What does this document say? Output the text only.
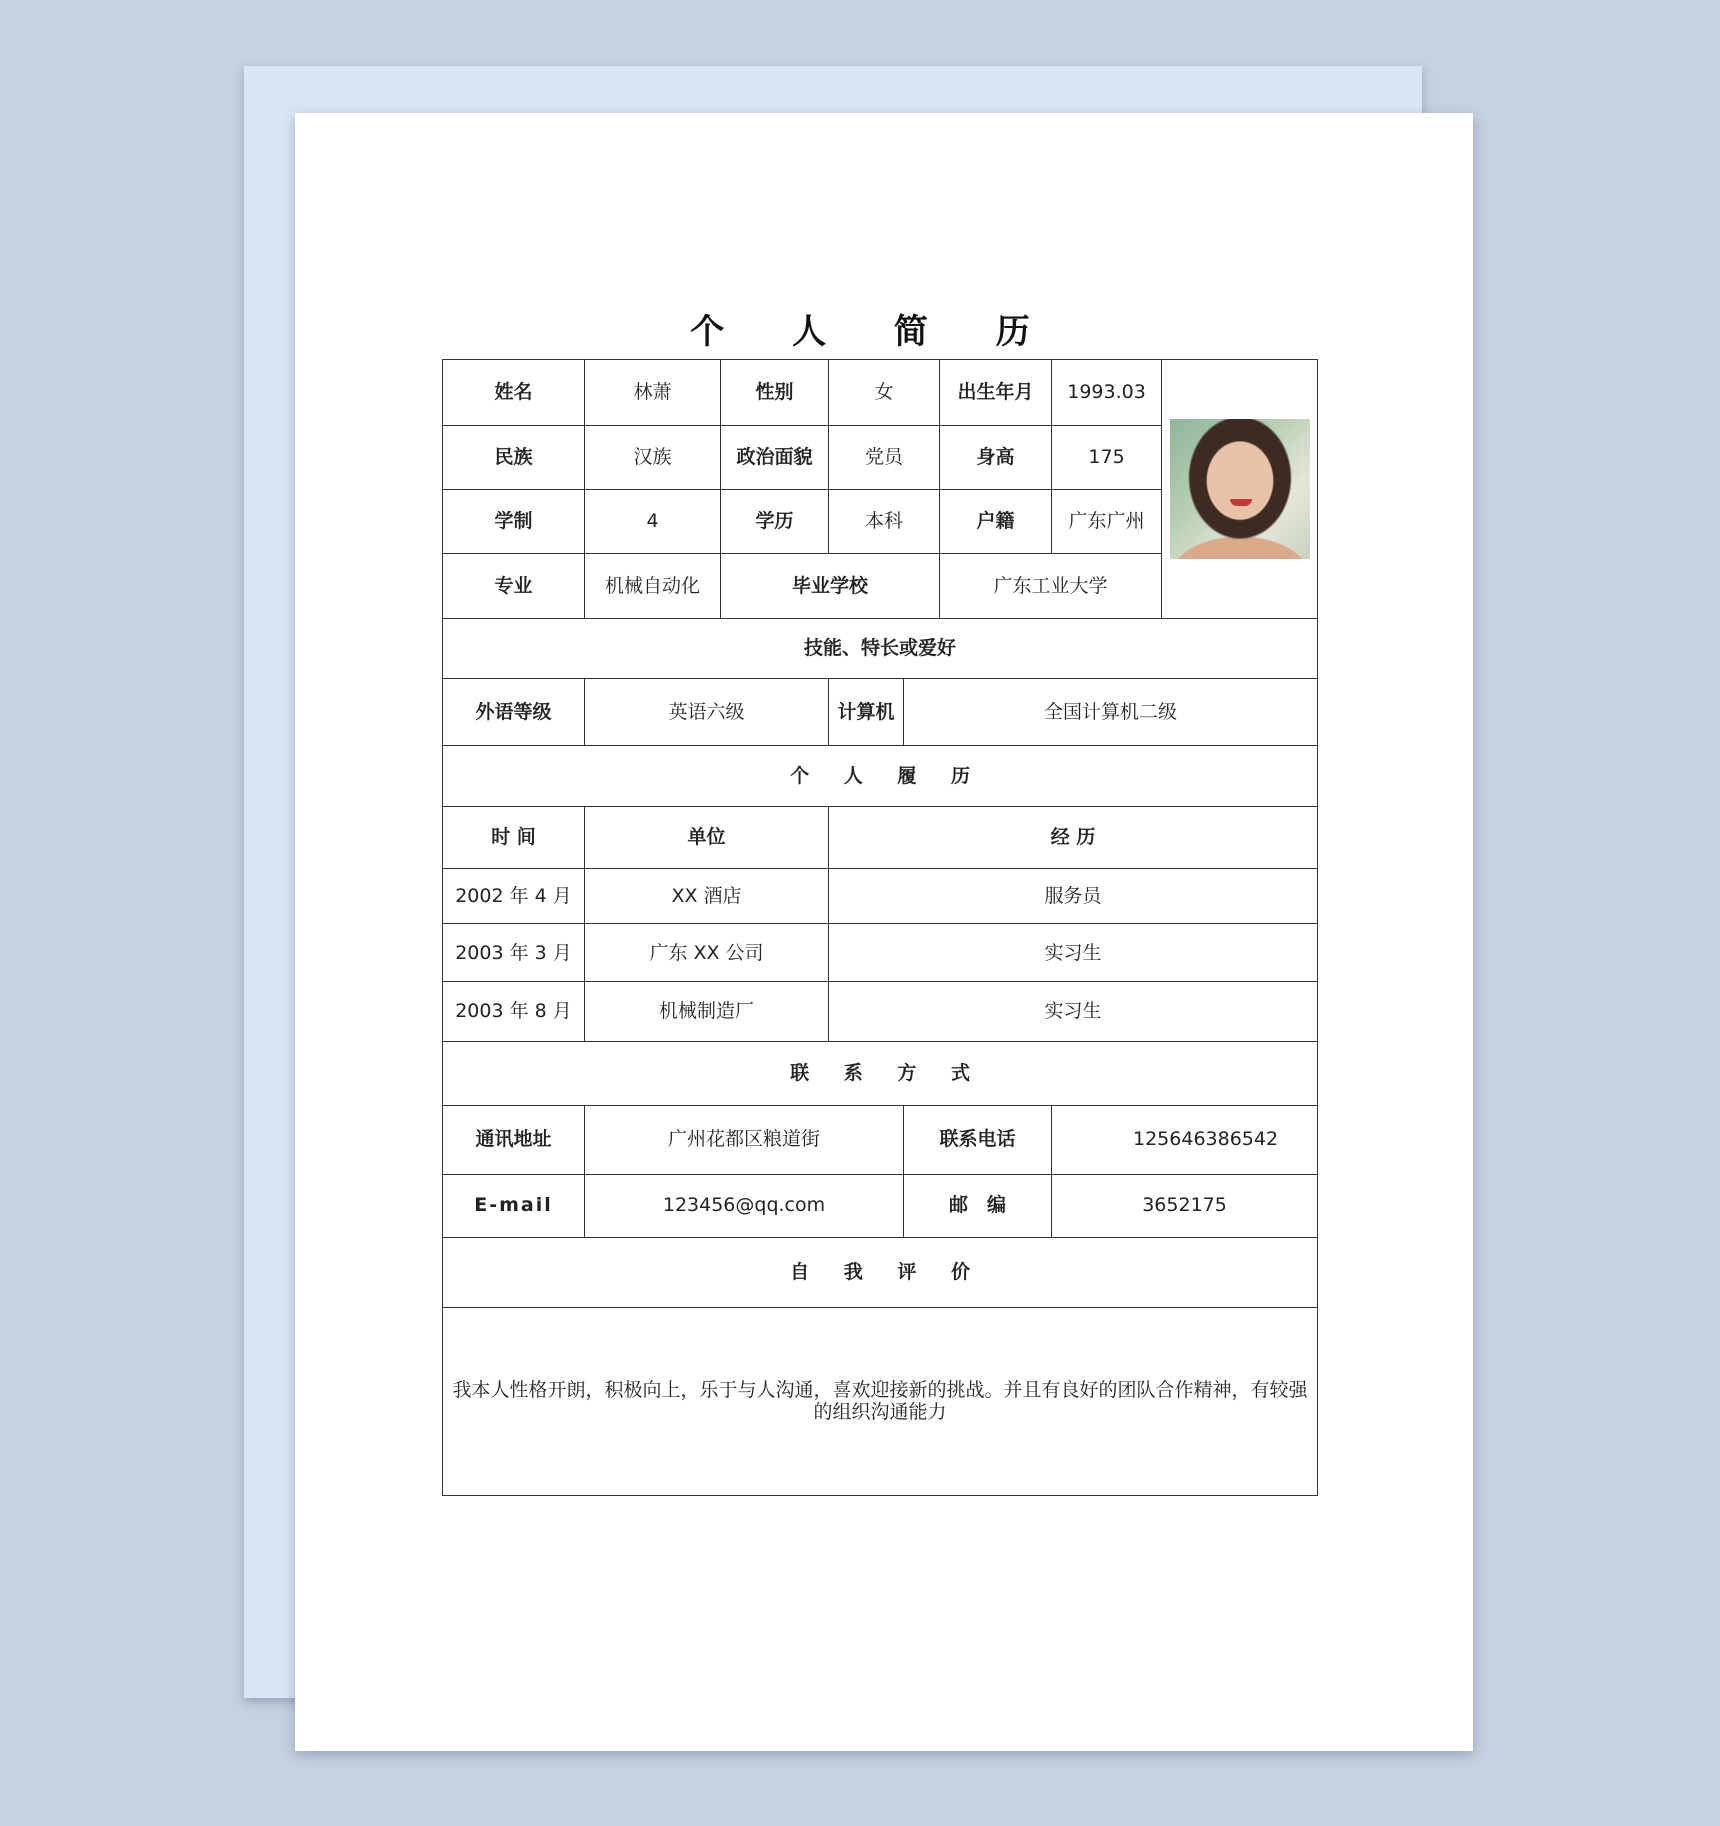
个 人 简 历
姓名	林萧	性别	女		出生年月	1993.03	

民族	汉族	政治面貌	党员		身高	175	
学制	4	学历	本科		户籍	广东广州	
专业	机械自动化	毕业学校			广东工业大学		
技能、特长或爱好							
外语等级	英语六级		计算机	全国计算机二级			
个 人 履 历							
时 间	单位		经 历				
2002 年 4 月	XX 酒店		服务员				
2003 年 3 月	广东 XX 公司		实习生				
2003 年 8 月	机械制造厂		实习生				
联 系 方 式							
通讯地址	广州花都区粮道街			联系电话		125646386542	
E-mail	123456@qq.com			邮　编		3652175	
自 我 评 价							
我本人性格开朗，积极向上，乐于与人沟通，喜欢迎接新的挑战。并且有良好的团队合作精神，有较强的组织沟通能力							
